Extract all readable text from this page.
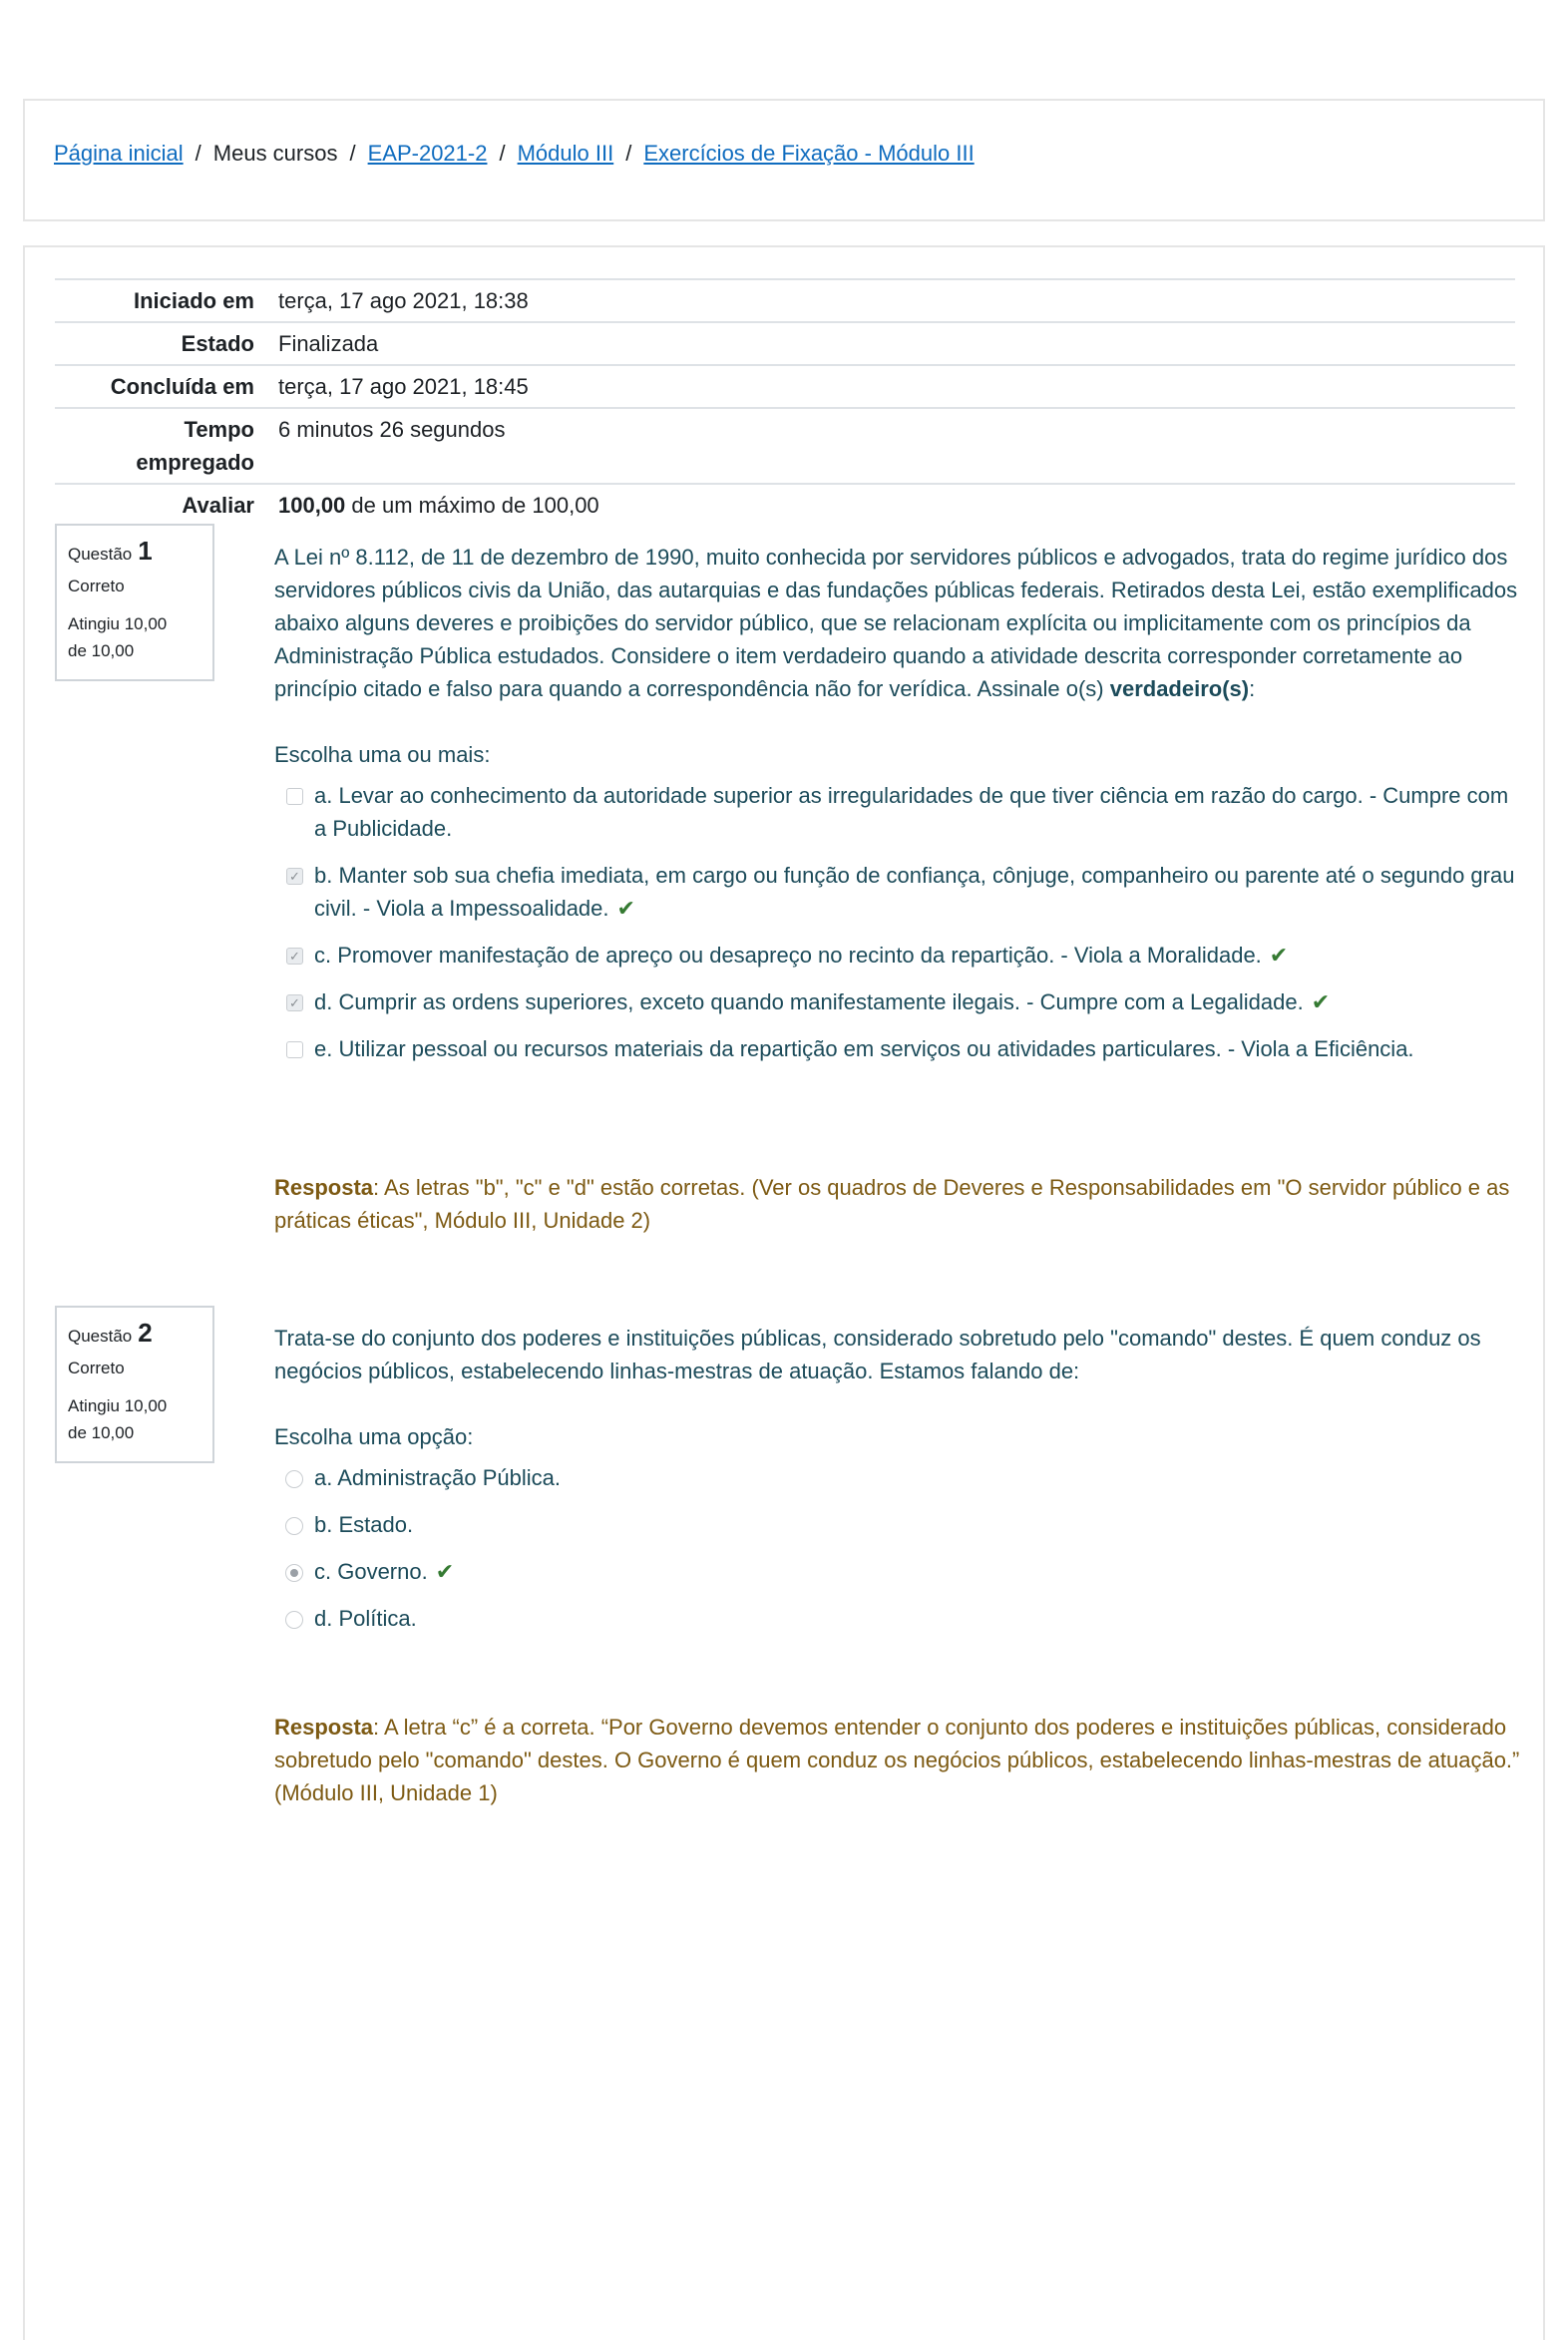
Página inicial / Meus cursos / EAP-2021-2 / Módulo III / Exercícios de Fixação - Módulo III
Iniciado em	terça, 17 ago 2021, 18:38
Estado	Finalizada
Concluída em	terça, 17 ago 2021, 18:45
Tempo
empregado	6 minutos 26 segundos
Avaliar	100,00 de um máximo de 100,00
Questão 1
Correto
Atingiu 10,00
de 10,00
A Lei nº 8.112, de 11 de dezembro de 1990, muito conhecida por servidores públicos e advogados, trata do regime jurídico dos servidores públicos civis da União, das autarquias e das fundações públicas federais. Retirados desta Lei, estão exemplificados abaixo alguns deveres e proibições do servidor público, que se relacionam explícita ou implicitamente com os princípios da Administração Pública estudados. Considere o item verdadeiro quando a atividade descrita corresponder corretamente ao princípio citado e falso para quando a correspondência não for verídica. Assinale o(s) verdadeiro(s):
Escolha uma ou mais:
a. Levar ao conhecimento da autoridade superior as irregularidades de que tiver ciência em razão do cargo. - Cumpre com a Publicidade.
✓ b. Manter sob sua chefia imediata, em cargo ou função de confiança, cônjuge, companheiro ou parente até o segundo grau civil. - Viola a Impessoalidade. ✔
✓ c. Promover manifestação de apreço ou desapreço no recinto da repartição. - Viola a Moralidade. ✔
✓ d. Cumprir as ordens superiores, exceto quando manifestamente ilegais. - Cumpre com a Legalidade. ✔
e. Utilizar pessoal ou recursos materiais da repartição em serviços ou atividades particulares. - Viola a Eficiência.
Resposta: As letras "b", "c" e "d" estão corretas. (Ver os quadros de Deveres e Responsabilidades em "O servidor público e as práticas éticas", Módulo III, Unidade 2)
Questão 2
Correto
Atingiu 10,00
de 10,00
Trata-se do conjunto dos poderes e instituições públicas, considerado sobretudo pelo "comando" destes. É quem conduz os negócios públicos, estabelecendo linhas-mestras de atuação. Estamos falando de:
Escolha uma opção:
a. Administração Pública.
b. Estado.
c. Governo. ✔
d. Política.
Resposta: A letra “c” é a correta. “Por Governo devemos entender o conjunto dos poderes e instituições públicas, considerado sobretudo pelo "comando" destes. O Governo é quem conduz os negócios públicos, estabelecendo linhas-mestras de atuação.” (Módulo III, Unidade 1)
